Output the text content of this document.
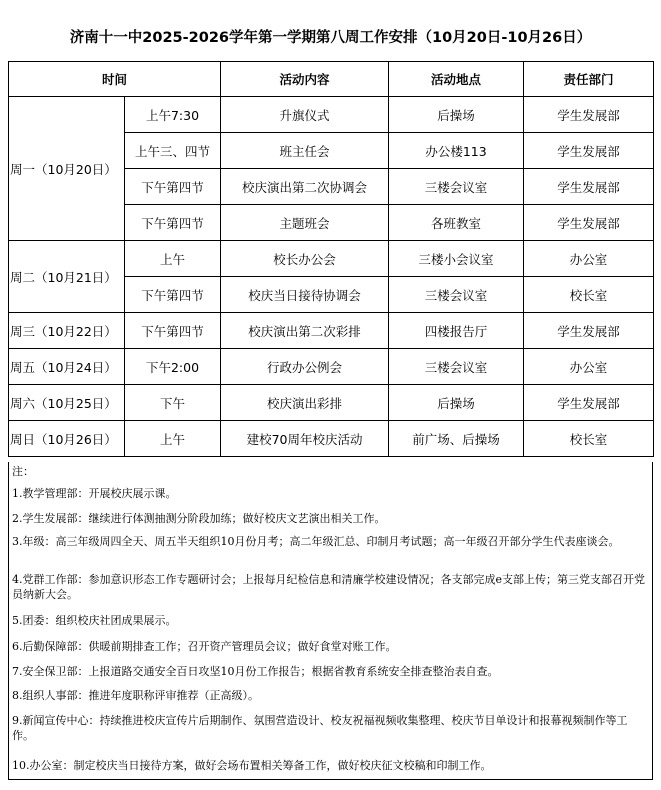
济南十一中2025-2026学年第一学期第八周工作安排（10月20日-10月26日）
时间		活动内容	活动地点	责任部门
周一（10月20日）	上午7:30	升旗仪式	后操场	学生发展部
	上午三、四节	班主任会	办公楼113	学生发展部
	下午第四节	校庆演出第二次协调会	三楼会议室	学生发展部
	下午第四节	主题班会	各班教室	学生发展部
周二（10月21日）	上午	校长办公会	三楼小会议室	办公室
	下午第四节	校庆当日接待协调会	三楼会议室	校长室
周三（10月22日）	下午第四节	校庆演出第二次彩排	四楼报告厅	学生发展部
周五（10月24日）	下午2:00	行政办公例会	三楼会议室	办公室
周六（10月25日）	下午	校庆演出彩排	后操场	学生发展部
周日（10月26日）	上午	建校70周年校庆活动	前广场、后操场	校长室
注：
1.教学管理部：开展校庆展示课。
2.学生发展部：继续进行体测抽测分阶段加练；做好校庆文艺演出相关工作。
3.年级：高三年级周四全天、周五半天组织10月份月考；高二年级汇总、印制月考试题；高一年级召开部分学生代表座谈会。
4.党群工作部：参加意识形态工作专题研讨会；上报每月纪检信息和清廉学校建设情况；各支部完成e支部上传；第三党支部召开党员纳新大会。
5.团委：组织校庆社团成果展示。
6.后勤保障部：供暖前期排查工作；召开资产管理员会议；做好食堂对账工作。
7.安全保卫部：上报道路交通安全百日攻坚10月份工作报告；根据省教育系统安全排查整治表自查。
8.组织人事部：推进年度职称评审推荐（正高级）。
9.新闻宣传中心：持续推进校庆宣传片后期制作、氛围营造设计、校友祝福视频收集整理、校庆节目单设计和报幕视频制作等工作。
10.办公室：制定校庆当日接待方案，做好会场布置相关筹备工作，做好校庆征文校稿和印制工作。
